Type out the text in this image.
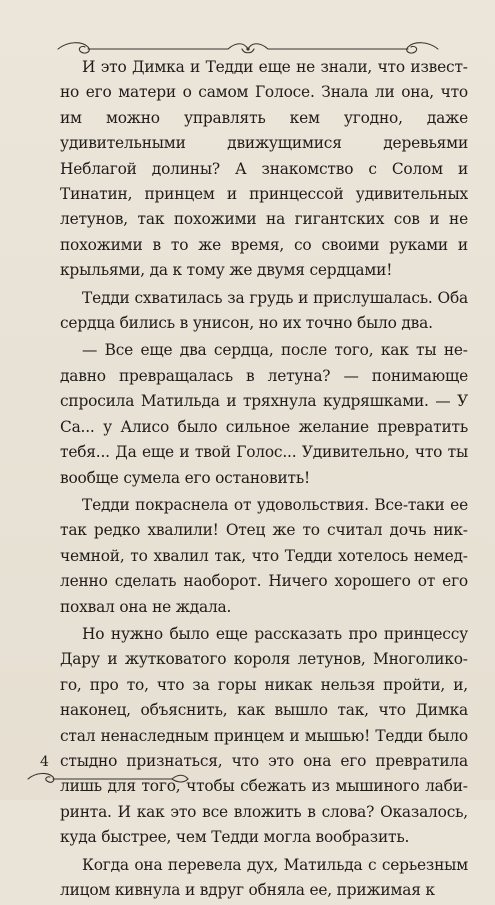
И это Димка и Тедди еще не знали, что известно его матери о самом Голосе. Знала ли она, что им можно управлять кем угодно, даже удивительными движущимися деревьями Неблагой долины? А знакомство с Солом и Тинатин, принцем и принцессой удивительных летунов, так похожими на гигантских сов и не похожими в то же время, со своими руками и крыльями, да к тому же двумя сердцами!

Тедди схватилась за грудь и прислушалась. Оба сердца бились в унисон, но их точно было два.

— Все еще два сердца, после того, как ты недавно превращалась в летуна? — понимающе спросила Матильда и тряхнула кудряшками. — У Са... у Алисо было сильное желание превратить тебя... Да еще и твой Голос... Удивительно, что ты вообще сумела его остановить!

Тедди покраснела от удовольствия. Все-таки ее так редко хвалили! Отец же то считал дочь никчемной, то хвалил так, что Тедди хотелось немедленно сделать наоборот. Ничего хорошего от его похвал она не ждала.

Но нужно было еще рассказать про принцессу Дару и жутковатого короля летунов, Многоликого, про то, что за горы никак нельзя пройти, и, наконец, объяснить, как вышло так, что Димка стал ненаследным принцем и мышью! Тедди было стыдно признаться, что это она его превратила лишь для того, чтобы сбежать из мышиного лабиринта. И как это все вложить в слова? Оказалось, куда быстрее, чем Тедди могла вообразить.

Когда она перевела дух, Матильда с серьезным лицом кивнула и вдруг обняла ее, прижимая к

4
